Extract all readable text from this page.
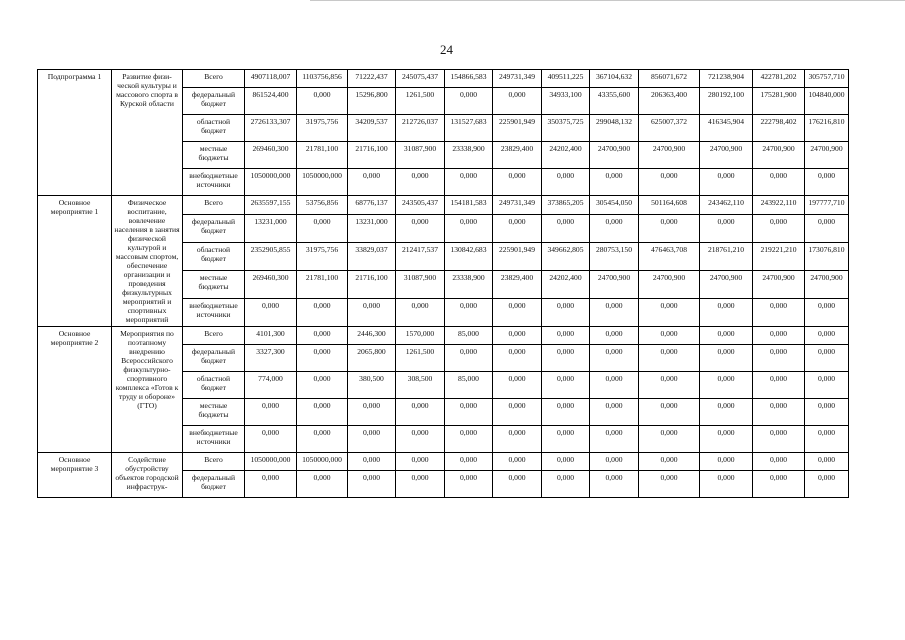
24
Подпрограмма 1	Развитие физи-ческой культуры и массового спорта в Курской области	Всего	4907118,007	1103756,856	71222,437	245075,437	154866,583	249731,349	409511,225	367104,632	856071,672	721238,904	422781,202	305757,710
		федеральный бюджет	861524,400	0,000	15296,800	1261,500	0,000	0,000	34933,100	43355,600	206363,400	280192,100	175281,900	104840,000
		областной бюджет	2726133,307	31975,756	34209,537	212726,037	131527,683	225901,949	350375,725	299048,132	625007,372	416345,904	222798,402	176216,810
		местные бюджеты	269460,300	21781,100	21716,100	31087,900	23338,900	23829,400	24202,400	24700,900	24700,900	24700,900	24700,900	24700,900
		внебюджетные источники	1050000,000	1050000,000	0,000	0,000	0,000	0,000	0,000	0,000	0,000	0,000	0,000	0,000
Основное мероприятие 1	Физическое воспитание, вовлечение населения в занятия физической культурой и массовым спортом, обеспечение организации и проведения физкультурных мероприятий и спортивных мероприятий	Всего	2635597,155	53756,856	68776,137	243505,437	154181,583	249731,349	373865,205	305454,050	501164,608	243462,110	243922,110	197777,710
		федеральный бюджет	13231,000	0,000	13231,000	0,000	0,000	0,000	0,000	0,000	0,000	0,000	0,000	0,000
		областной бюджет	2352905,855	31975,756	33829,037	212417,537	130842,683	225901,949	349662,805	280753,150	476463,708	218761,210	219221,210	173076,810
		местные бюджеты	269460,300	21781,100	21716,100	31087,900	23338,900	23829,400	24202,400	24700,900	24700,900	24700,900	24700,900	24700,900
		внебюджетные источники	0,000	0,000	0,000	0,000	0,000	0,000	0,000	0,000	0,000	0,000	0,000	0,000
Основное мероприятие 2	Мероприятия по поэтапному внедрению Всероссийского физкультурно- спортивного комплекса «Готов к труду и обороне» (ГТО)	Всего	4101,300	0,000	2446,300	1570,000	85,000	0,000	0,000	0,000	0,000	0,000	0,000	0,000
		федеральный бюджет	3327,300	0,000	2065,800	1261,500	0,000	0,000	0,000	0,000	0,000	0,000	0,000	0,000
		областной бюджет	774,000	0,000	380,500	308,500	85,000	0,000	0,000	0,000	0,000	0,000	0,000	0,000
		местные бюджеты	0,000	0,000	0,000	0,000	0,000	0,000	0,000	0,000	0,000	0,000	0,000	0,000
		внебюджетные источники	0,000	0,000	0,000	0,000	0,000	0,000	0,000	0,000	0,000	0,000	0,000	0,000
Основное мероприятие 3	Содействие обустройству объектов городской инфраструк-	Всего	1050000,000	1050000,000	0,000	0,000	0,000	0,000	0,000	0,000	0,000	0,000	0,000	0,000
		федеральный бюджет	0,000	0,000	0,000	0,000	0,000	0,000	0,000	0,000	0,000	0,000	0,000	0,000
